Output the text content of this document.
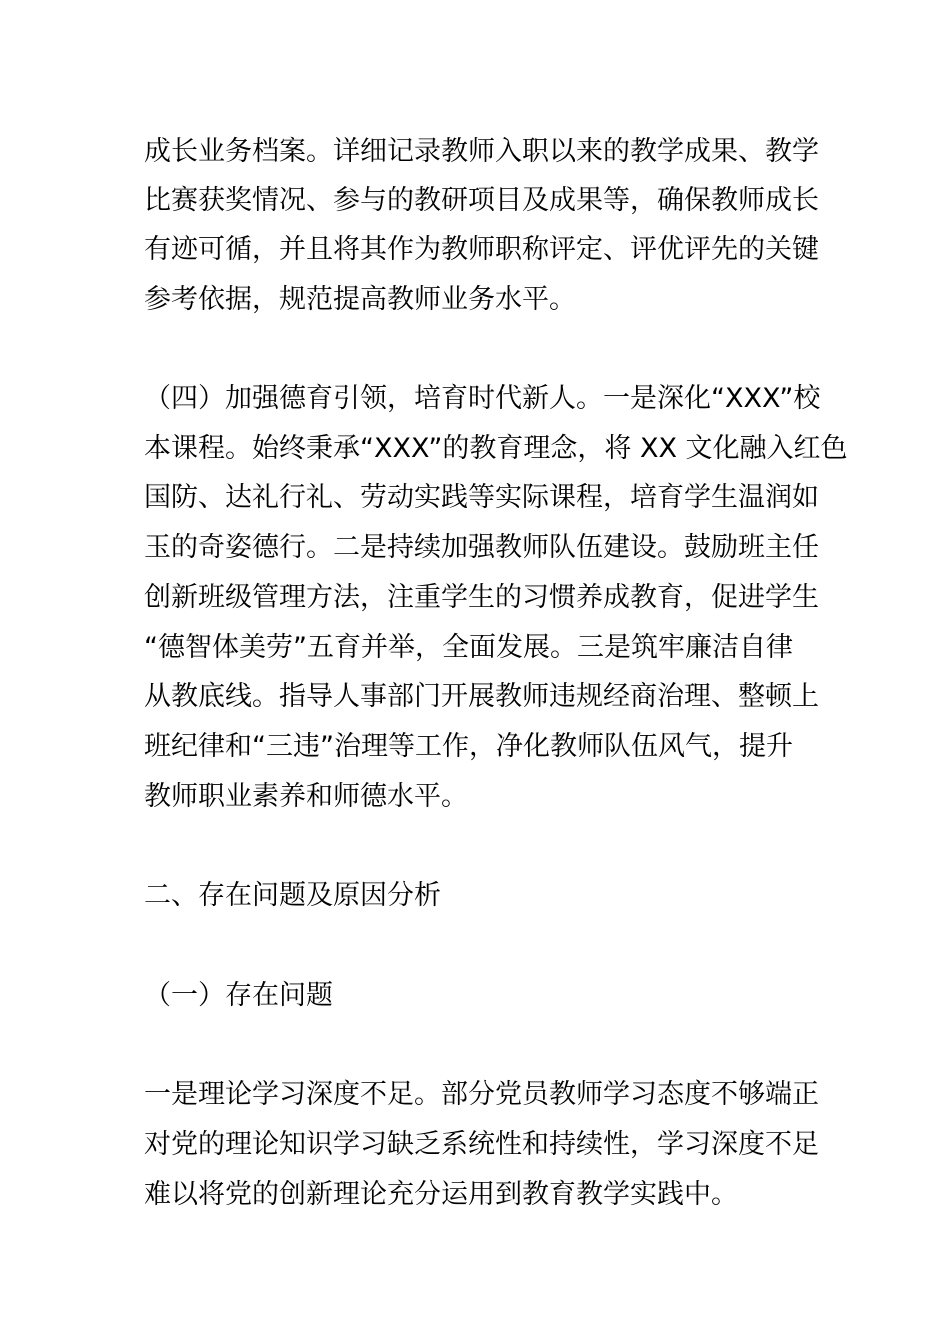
成长业务档案。详细记录教师入职以来的教学成果、教学
比赛获奖情况、参与的教研项目及成果等，确保教师成长
有迹可循，并且将其作为教师职称评定、评优评先的关键
参考依据，规范提高教师业务水平。
（四）加强德育引领，培育时代新人。一是深化“XXX”校
本课程。始终秉承“XXX”的教育理念，将 XX 文化融入红色
国防、达礼行礼、劳动实践等实际课程，培育学生温润如
玉的奇姿德行。二是持续加强教师队伍建设。鼓励班主任
创新班级管理方法，注重学生的习惯养成教育，促进学生
“德智体美劳”五育并举，全面发展。三是筑牢廉洁自律
从教底线。指导人事部门开展教师违规经商治理、整顿上
班纪律和“三违”治理等工作，净化教师队伍风气，提升
教师职业素养和师德水平。
二、存在问题及原因分析
（一）存在问题
一是理论学习深度不足。部分党员教师学习态度不够端正
对党的理论知识学习缺乏系统性和持续性，学习深度不足
难以将党的创新理论充分运用到教育教学实践中。
